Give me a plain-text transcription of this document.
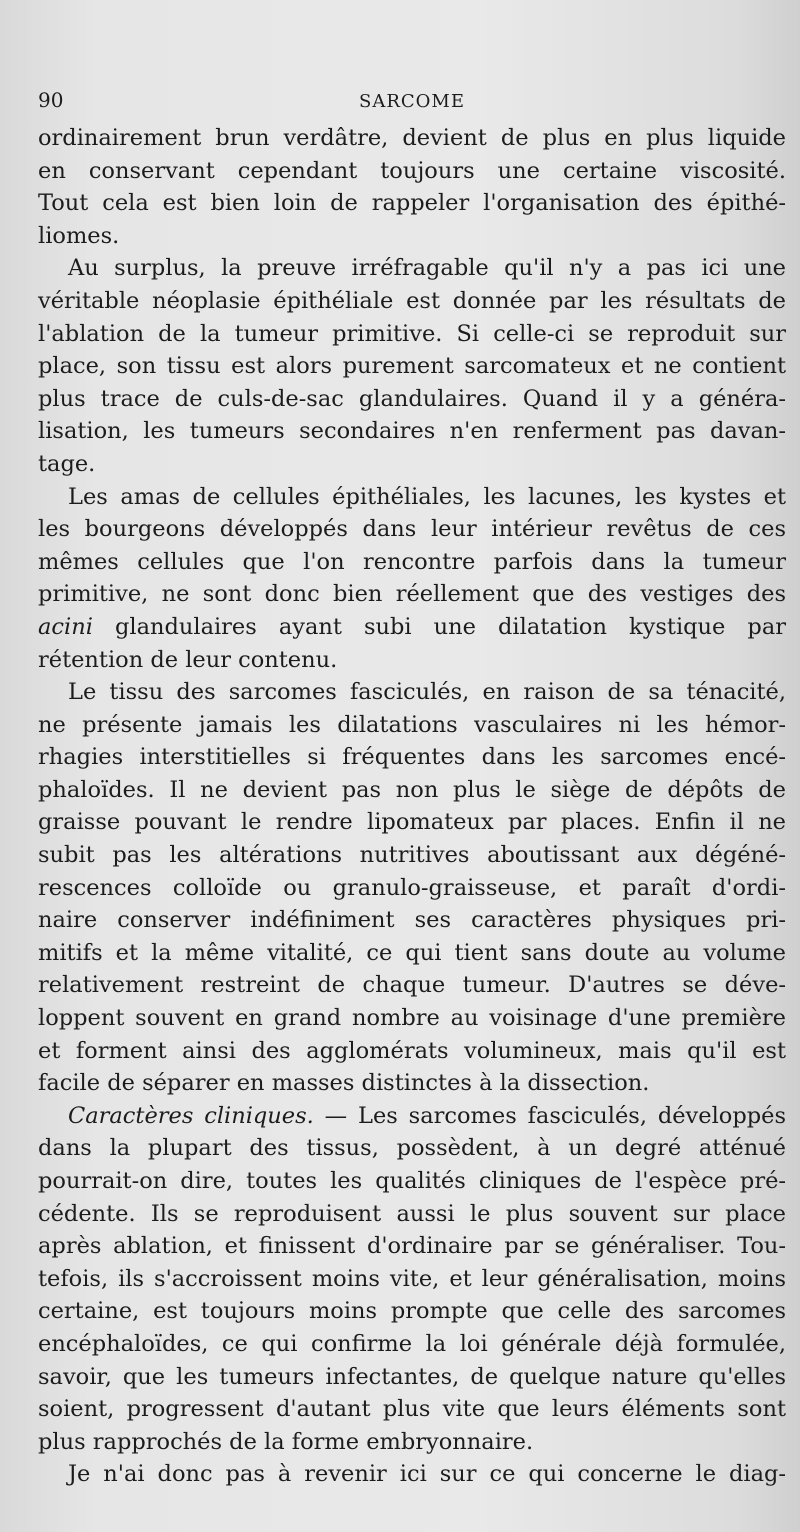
90	SARCOME
ordinairement brun verdâtre, devient de plus en plus liquide
en conservant cependant toujours une certaine viscosité.
Tout cela est bien loin de rappeler l'organisation des épithé-
liomes.
Au surplus, la preuve irréfragable qu'il n'y a pas ici une
véritable néoplasie épithéliale est donnée par les résultats de
l'ablation de la tumeur primitive. Si celle-ci se reproduit sur
place, son tissu est alors purement sarcomateux et ne contient
plus trace de culs-de-sac glandulaires. Quand il y a généra-
lisation, les tumeurs secondaires n'en renferment pas davan-
tage.
Les amas de cellules épithéliales, les lacunes, les kystes et
les bourgeons développés dans leur intérieur revêtus de ces
mêmes cellules que l'on rencontre parfois dans la tumeur
primitive, ne sont donc bien réellement que des vestiges des
acini glandulaires ayant subi une dilatation kystique par
rétention de leur contenu.
Le tissu des sarcomes fasciculés, en raison de sa ténacité,
ne présente jamais les dilatations vasculaires ni les hémor-
rhagies interstitielles si fréquentes dans les sarcomes encé-
phaloïdes. Il ne devient pas non plus le siège de dépôts de
graisse pouvant le rendre lipomateux par places. Enfin il ne
subit pas les altérations nutritives aboutissant aux dégéné-
rescences colloïde ou granulo-graisseuse, et paraît d'ordi-
naire conserver indéfiniment ses caractères physiques pri-
mitifs et la même vitalité, ce qui tient sans doute au volume
relativement restreint de chaque tumeur. D'autres se déve-
loppent souvent en grand nombre au voisinage d'une première
et forment ainsi des agglomérats volumineux, mais qu'il est
facile de séparer en masses distinctes à la dissection.
Caractères cliniques. — Les sarcomes fasciculés, développés
dans la plupart des tissus, possèdent, à un degré atténué
pourrait-on dire, toutes les qualités cliniques de l'espèce pré-
cédente. Ils se reproduisent aussi le plus souvent sur place
après ablation, et finissent d'ordinaire par se généraliser. Tou-
tefois, ils s'accroissent moins vite, et leur généralisation, moins
certaine, est toujours moins prompte que celle des sarcomes
encéphaloïdes, ce qui confirme la loi générale déjà formulée,
savoir, que les tumeurs infectantes, de quelque nature qu'elles
soient, progressent d'autant plus vite que leurs éléments sont
plus rapprochés de la forme embryonnaire.
Je n'ai donc pas à revenir ici sur ce qui concerne le diag-
